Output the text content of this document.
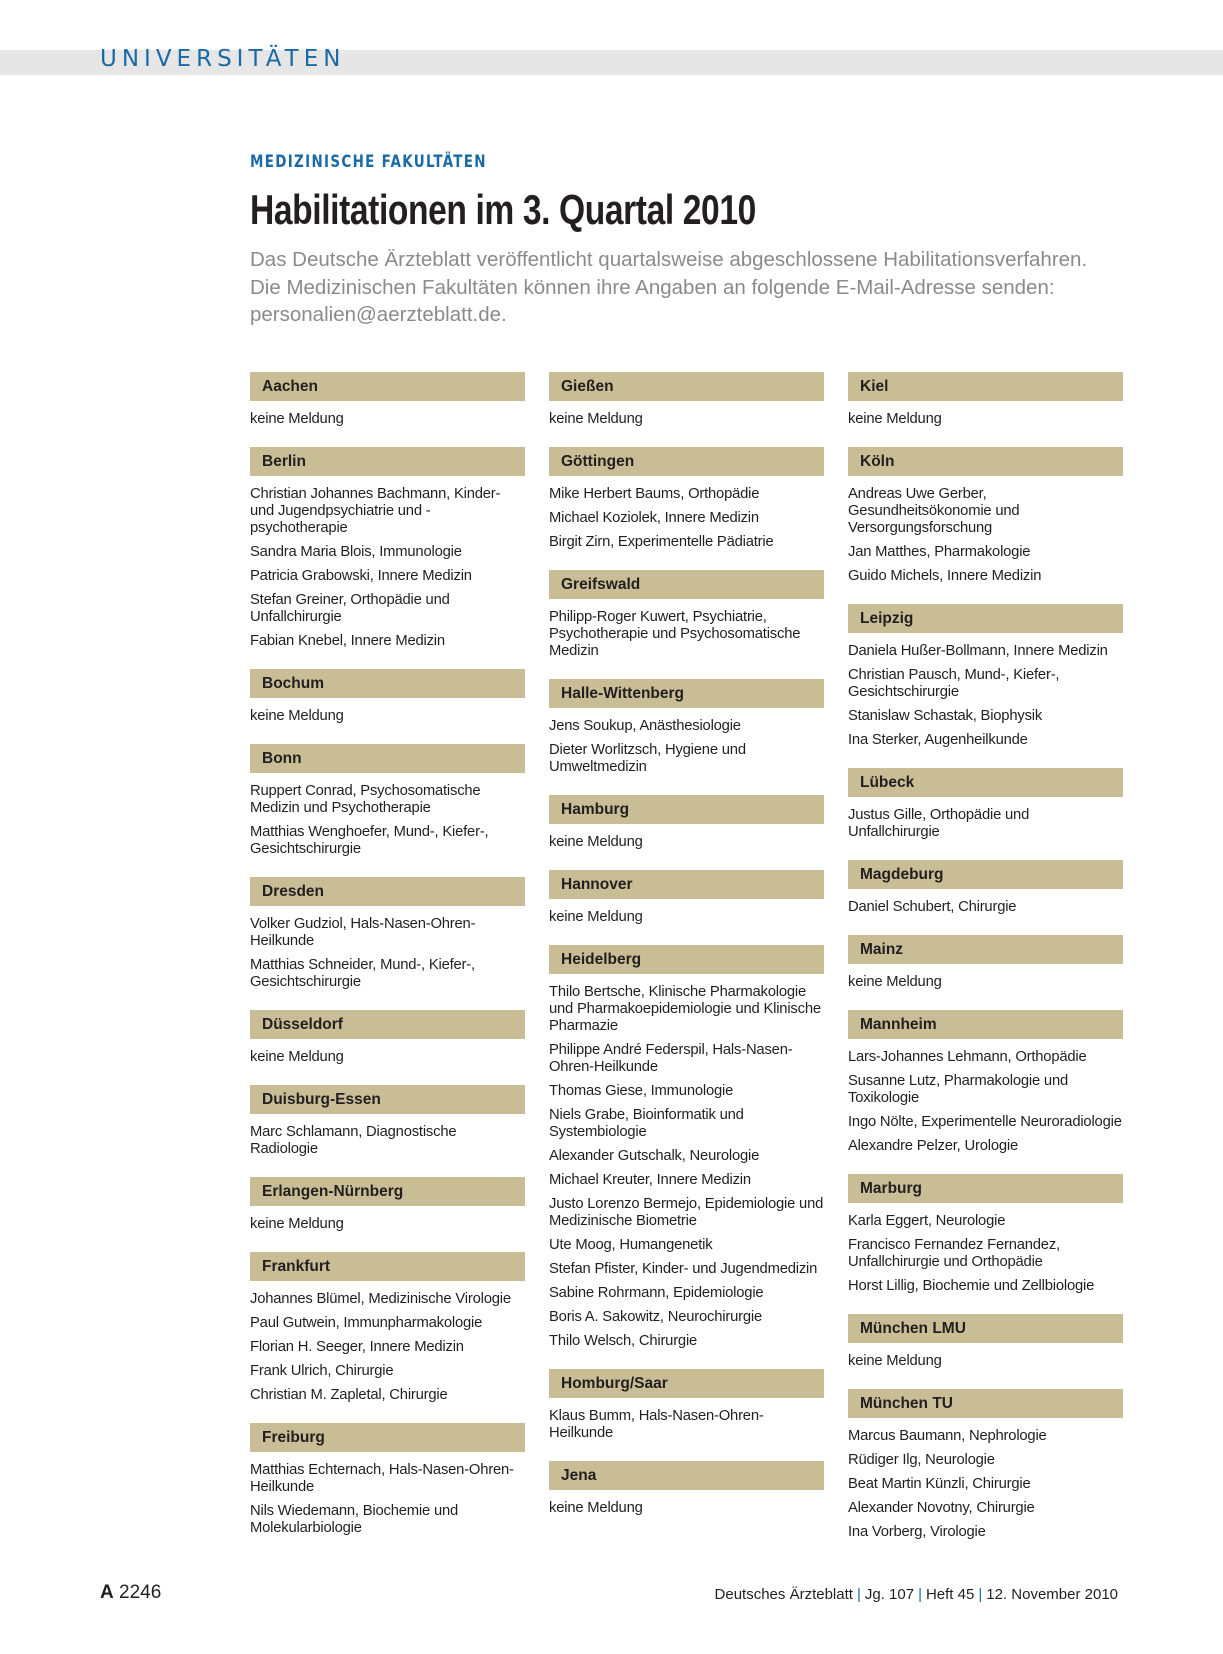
UNIVERSITÄTEN
MEDIZINISCHE FAKULTÄTEN
Habilitationen im 3. Quartal 2010
Das Deutsche Ärzteblatt veröffentlicht quartalsweise abgeschlossene Habilitationsverfahren. Die Medizinischen Fakultäten können ihre Angaben an folgende E-Mail-Adresse senden: personalien@aerzteblatt.de.
Aachen
keine Meldung
Berlin
Christian Johannes Bachmann, Kinder- und Jugendpsychiatrie und -psychotherapie
Sandra Maria Blois, Immunologie
Patricia Grabowski, Innere Medizin
Stefan Greiner, Orthopädie und Unfallchirurgie
Fabian Knebel, Innere Medizin
Bochum
keine Meldung
Bonn
Ruppert Conrad, Psychosomatische Medizin und Psychotherapie
Matthias Wenghoefer, Mund-, Kiefer-, Gesichtschirurgie
Dresden
Volker Gudziol, Hals-Nasen-Ohren-Heilkunde
Matthias Schneider, Mund-, Kiefer-, Gesichtschirurgie
Düsseldorf
keine Meldung
Duisburg-Essen
Marc Schlamann, Diagnostische Radiologie
Erlangen-Nürnberg
keine Meldung
Frankfurt
Johannes Blümel, Medizinische Virologie
Paul Gutwein, Immunpharmakologie
Florian H. Seeger, Innere Medizin
Frank Ulrich, Chirurgie
Christian M. Zapletal, Chirurgie
Freiburg
Matthias Echternach, Hals-Nasen-Ohren-Heilkunde
Nils Wiedemann, Biochemie und Molekularbiologie
Gießen
keine Meldung
Göttingen
Mike Herbert Baums, Orthopädie
Michael Koziolek, Innere Medizin
Birgit Zirn, Experimentelle Pädiatrie
Greifswald
Philipp-Roger Kuwert, Psychiatrie, Psychotherapie und Psychosomatische Medizin
Halle-Wittenberg
Jens Soukup, Anästhesiologie
Dieter Worlitzsch, Hygiene und Umweltmedizin
Hamburg
keine Meldung
Hannover
keine Meldung
Heidelberg
Thilo Bertsche, Klinische Pharmakologie und Pharmakoepidemiologie und Klinische Pharmazie
Philippe André Federspil, Hals-Nasen-Ohren-Heilkunde
Thomas Giese, Immunologie
Niels Grabe, Bioinformatik und Systembiologie
Alexander Gutschalk, Neurologie
Michael Kreuter, Innere Medizin
Justo Lorenzo Bermejo, Epidemiologie und Medizinische Biometrie
Ute Moog, Humangenetik
Stefan Pfister, Kinder- und Jugendmedizin
Sabine Rohrmann, Epidemiologie
Boris A. Sakowitz, Neurochirurgie
Thilo Welsch, Chirurgie
Homburg/Saar
Klaus Bumm, Hals-Nasen-Ohren-Heilkunde
Jena
keine Meldung
Kiel
keine Meldung
Köln
Andreas Uwe Gerber, Gesundheitsökonomie und Versorgungsforschung
Jan Matthes, Pharmakologie
Guido Michels, Innere Medizin
Leipzig
Daniela Hußer-Bollmann, Innere Medizin
Christian Pausch, Mund-, Kiefer-, Gesichtschirurgie
Stanislaw Schastak, Biophysik
Ina Sterker, Augenheilkunde
Lübeck
Justus Gille, Orthopädie und Unfallchirurgie
Magdeburg
Daniel Schubert, Chirurgie
Mainz
keine Meldung
Mannheim
Lars-Johannes Lehmann, Orthopädie
Susanne Lutz, Pharmakologie und Toxikologie
Ingo Nölte, Experimentelle Neuroradiologie
Alexandre Pelzer, Urologie
Marburg
Karla Eggert, Neurologie
Francisco Fernandez Fernandez, Unfallchirurgie und Orthopädie
Horst Lillig, Biochemie und Zellbiologie
München LMU
keine Meldung
München TU
Marcus Baumann, Nephrologie
Rüdiger Ilg, Neurologie
Beat Martin Künzli, Chirurgie
Alexander Novotny, Chirurgie
Ina Vorberg, Virologie
A 2246	Deutsches Ärzteblatt | Jg. 107 | Heft 45 | 12. November 2010
